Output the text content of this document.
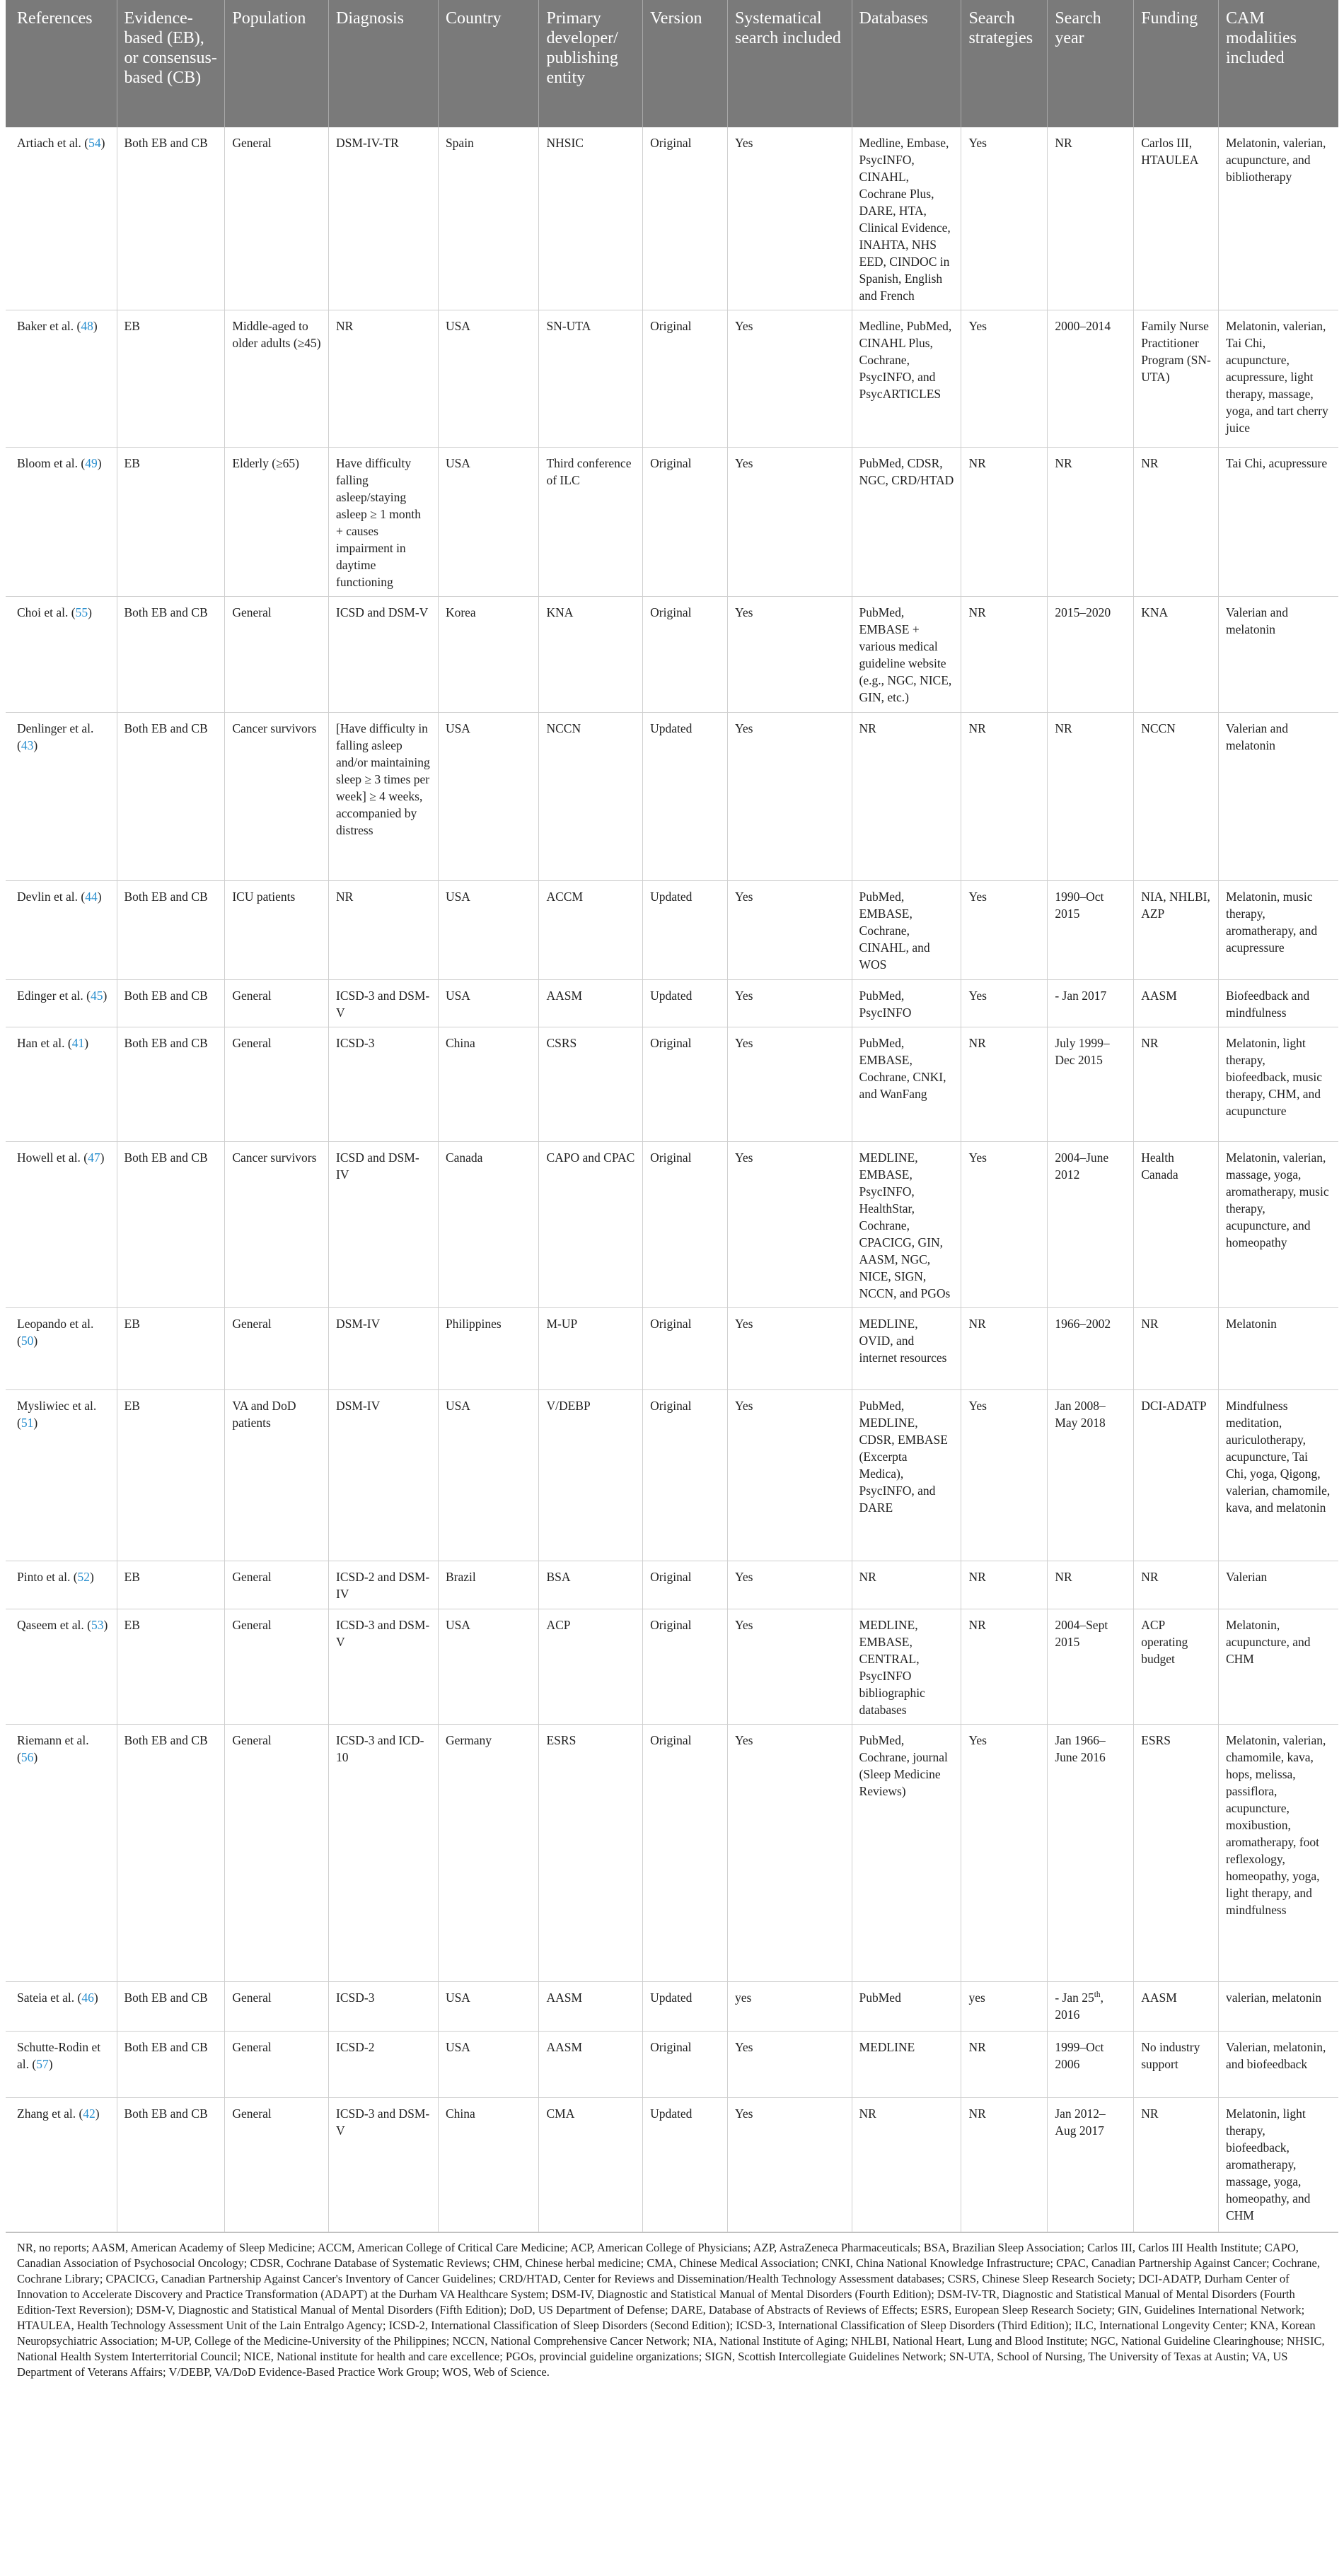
References	Evidence-based (EB), or consensus-based (CB)	Population	Diagnosis	Country	Primary developer/ publishing entity	Version	Systematical search included	Databases	Search strategies	Search year	Funding	CAM modalities included
Artiach et al. (54)	Both EB and CB	General	DSM-IV-TR	Spain	NHSIC	Original	Yes	Medline, Embase, PsycINFO, CINAHL, Cochrane Plus, DARE, HTA, Clinical Evidence, INAHTA, NHS EED, CINDOC in Spanish, English and French	Yes	NR	Carlos III, HTAULEA	Melatonin, valerian, acupuncture, and bibliotherapy
Baker et al. (48)	EB	Middle-aged to older adults (≥45)	NR	USA	SN-UTA	Original	Yes	Medline, PubMed, CINAHL Plus, Cochrane, PsycINFO, and PsycARTICLES	Yes	2000–2014	Family Nurse Practitioner Program (SN-UTA)	Melatonin, valerian, Tai Chi, acupuncture, acupressure, light therapy, massage, yoga, and tart cherry juice
Bloom et al. (49)	EB	Elderly (≥65)	Have difficulty falling asleep/staying asleep ≥ 1 month + causes impairment in daytime functioning	USA	Third conference of ILC	Original	Yes	PubMed, CDSR, NGC, CRD/HTAD	NR	NR	NR	Tai Chi, acupressure
Choi et al. (55)	Both EB and CB	General	ICSD and DSM-V	Korea	KNA	Original	Yes	PubMed, EMBASE + various medical guideline website (e.g., NGC, NICE, GIN, etc.)	NR	2015–2020	KNA	Valerian and melatonin
Denlinger et al. (43)	Both EB and CB	Cancer survivors	[Have difficulty in falling asleep and/or maintaining sleep ≥ 3 times per week] ≥ 4 weeks, accompanied by distress	USA	NCCN	Updated	Yes	NR	NR	NR	NCCN	Valerian and melatonin
Devlin et al. (44)	Both EB and CB	ICU patients	NR	USA	ACCM	Updated	Yes	PubMed, EMBASE, Cochrane, CINAHL, and WOS	Yes	1990–Oct 2015	NIA, NHLBI, AZP	Melatonin, music therapy, aromatherapy, and acupressure
Edinger et al. (45)	Both EB and CB	General	ICSD-3 and DSM-V	USA	AASM	Updated	Yes	PubMed, PsycINFO	Yes	- Jan 2017	AASM	Biofeedback and mindfulness
Han et al. (41)	Both EB and CB	General	ICSD-3	China	CSRS	Original	Yes	PubMed, EMBASE, Cochrane, CNKI, and WanFang	NR	July 1999–Dec 2015	NR	Melatonin, light therapy, biofeedback, music therapy, CHM, and acupuncture
Howell et al. (47)	Both EB and CB	Cancer survivors	ICSD and DSM-IV	Canada	CAPO and CPAC	Original	Yes	MEDLINE, EMBASE, PsycINFO, HealthStar, Cochrane, CPACICG, GIN, AASM, NGC, NICE, SIGN, NCCN, and PGOs	Yes	2004–June 2012	Health Canada	Melatonin, valerian, massage, yoga, aromatherapy, music therapy, acupuncture, and homeopathy
Leopando et al. (50)	EB	General	DSM-IV	Philippines	M-UP	Original	Yes	MEDLINE, OVID, and internet resources	NR	1966–2002	NR	Melatonin
Mysliwiec et al. (51)	EB	VA and DoD patients	DSM-IV	USA	V/DEBP	Original	Yes	PubMed, MEDLINE, CDSR, EMBASE (Excerpta Medica), PsycINFO, and DARE	Yes	Jan 2008–May 2018	DCI-ADATP	Mindfulness meditation, auriculotherapy, acupuncture, Tai Chi, yoga, Qigong, valerian, chamomile, kava, and melatonin
Pinto et al. (52)	EB	General	ICSD-2 and DSM-IV	Brazil	BSA	Original	Yes	NR	NR	NR	NR	Valerian
Qaseem et al. (53)	EB	General	ICSD-3 and DSM-V	USA	ACP	Original	Yes	MEDLINE, EMBASE, CENTRAL, PsycINFO bibliographic databases	NR	2004–Sept 2015	ACP operating budget	Melatonin, acupuncture, and CHM
Riemann et al. (56)	Both EB and CB	General	ICSD-3 and ICD-10	Germany	ESRS	Original	Yes	PubMed, Cochrane, journal (Sleep Medicine Reviews)	Yes	Jan 1966–June 2016	ESRS	Melatonin, valerian, chamomile, kava, hops, melissa, passiflora, acupuncture, moxibustion, aromatherapy, foot reflexology, homeopathy, yoga, light therapy, and mindfulness
Sateia et al. (46)	Both EB and CB	General	ICSD-3	USA	AASM	Updated	yes	PubMed	yes	- Jan 25th, 2016	AASM	valerian, melatonin
Schutte-Rodin et al. (57)	Both EB and CB	General	ICSD-2	USA	AASM	Original	Yes	MEDLINE	NR	1999–Oct 2006	No industry support	Valerian, melatonin, and biofeedback
Zhang et al. (42)	Both EB and CB	General	ICSD-3 and DSM-V	China	CMA	Updated	Yes	NR	NR	Jan 2012–Aug 2017	NR	Melatonin, light therapy, biofeedback, aromatherapy, massage, yoga, homeopathy, and CHM
NR, no reports; AASM, American Academy of Sleep Medicine; ACCM, American College of Critical Care Medicine; ACP, American College of Physicians; AZP, AstraZeneca Pharmaceuticals; BSA, Brazilian Sleep Association; Carlos III, Carlos III Health Institute; CAPO, Canadian Association of Psychosocial Oncology; CDSR, Cochrane Database of Systematic Reviews; CHM, Chinese herbal medicine; CMA, Chinese Medical Association; CNKI, China National Knowledge Infrastructure; CPAC, Canadian Partnership Against Cancer; Cochrane, Cochrane Library; CPACICG, Canadian Partnership Against Cancer's Inventory of Cancer Guidelines; CRD/HTAD, Center for Reviews and Dissemination/Health Technology Assessment databases; CSRS, Chinese Sleep Research Society; DCI-ADATP, Durham Center of Innovation to Accelerate Discovery and Practice Transformation (ADAPT) at the Durham VA Healthcare System; DSM-IV, Diagnostic and Statistical Manual of Mental Disorders (Fourth Edition); DSM-IV-TR, Diagnostic and Statistical Manual of Mental Disorders (Fourth Edition-Text Reversion); DSM-V, Diagnostic and Statistical Manual of Mental Disorders (Fifth Edition); DoD, US Department of Defense; DARE, Database of Abstracts of Reviews of Effects; ESRS, European Sleep Research Society; GIN, Guidelines International Network; HTAULEA, Health Technology Assessment Unit of the Lain Entralgo Agency; ICSD-2, International Classification of Sleep Disorders (Second Edition); ICSD-3, International Classification of Sleep Disorders (Third Edition); ILC, International Longevity Center; KNA, Korean Neuropsychiatric Association; M-UP, College of the Medicine-University of the Philippines; NCCN, National Comprehensive Cancer Network; NIA, National Institute of Aging; NHLBI, National Heart, Lung and Blood Institute; NGC, National Guideline Clearinghouse; NHSIC, National Health System Interterritorial Council; NICE, National institute for health and care excellence; PGOs, provincial guideline organizations; SIGN, Scottish Intercollegiate Guidelines Network; SN-UTA, School of Nursing, The University of Texas at Austin; VA, US Department of Veterans Affairs; V/DEBP, VA/DoD Evidence-Based Practice Work Group; WOS, Web of Science.
